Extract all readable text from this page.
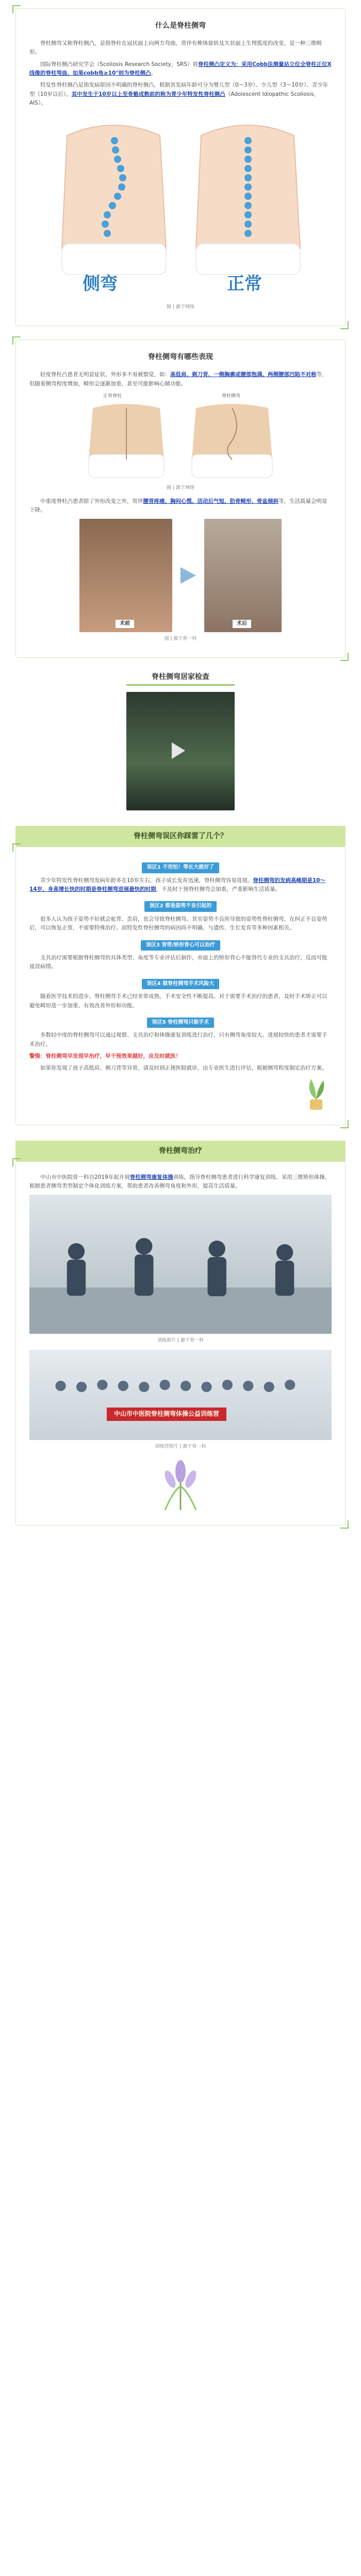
什么是脊柱侧弯

脊柱侧弯又称脊柱侧凸，是指脊柱在冠状面上向两方弯曲，常伴有椎体旋转及矢状面上生理弧度的改变，是一种三维畸形。

国际脊柱侧凸研究学会（Scoliosis Research Society，SRS）将脊柱侧凸定义为：采用Cobb法测量站立位全脊柱正位X线像的脊柱弯曲，如果cobb角≥10°则为脊柱侧凸。

特发性脊柱侧凸是指发病原因不明确的脊柱侧凸，根据其发病年龄可分为婴儿型（0～3岁）、少儿型（3～10岁）、青少年型（10岁以后）。其中发生于10岁以上至骨骼成熟前的称为青少年特发性脊柱侧凸（Adolescent Idiopathic Scoliosis，AIS）。

侧弯	正常
图 | 源于网络
脊柱侧弯有哪些表现

轻度脊柱凸患者无明显症状，外形多不易被察觉，如：高低肩、剃刀背、一侧胸廓或腰部饱满、两侧腰部凹陷不对称等，但随着侧弯程度增加，畸形会逐渐加重，甚至可能影响心肺功能。

正常脊柱	脊柱侧弯
图 | 源于网络

中重度脊柱凸患者除了外形改变之外，常伴腰背疼痛、胸闷心慌、活动后气短、肋骨畸形、骨盆倾斜等，生活质量会明显下降。

术前	术后
图 | 源于骨一科
脊柱侧弯居家检查
脊柱侧弯误区你踩雷了几个？
误区1 不用怕！等长大就好了

青少年特发性脊柱侧弯发病年龄多在10岁左右，孩子成长发育迅速，脊柱侧弯容易进展。脊柱侧弯的发病高峰期是10～14岁，身高增长快的时期是脊柱侧弯进展最快的时期，不及时干预脊柱侧弯会加重，严重影响生活质量。

误区2 都是姿势不良引起的

很多人认为孩子姿势不好就会驼背、歪肩，也会导致脊柱侧弯。其实姿势不良所导致的姿势性脊柱侧弯，在纠正不良姿势后，可以恢复正常，不需要特殊治疗。而特发性脊柱侧弯的病因尚不明确，与遗传、生长发育等多种因素相关。

误区3 背带/矫形背心可以治疗

支具治疗需要根据脊柱侧弯的具体类型、角度等专业评估后制作，市面上的矫形背心不能替代专业的支具治疗，反而可能延误病情。

误区4 做脊柱侧弯手术风险大

随着医学技术的进步，脊柱侧弯手术已经非常成熟，手术安全性不断提高。对于需要手术治疗的患者，及时手术矫正可以避免畸形进一步加重，有效改善外形和功能。

误区5 脊柱侧弯只能手术

多数轻中度的脊柱侧弯可以通过观察、支具治疗和体操康复训练进行治疗，只有侧弯角度较大、进展较快的患者才需要手术治疗。

警惕：脊柱侧弯早发现早治疗，早干预效果越好，应及时就医！

如果你发现了孩子高低肩、剃刀背等异常，请及时到正规医院就诊，由专业医生进行评估，根据侧弯程度制定治疗方案。

脊柱侧弯治疗

中山市中医院骨一科自2019年起开展脊柱侧弯康复体操训练，指导脊柱侧弯患者进行科学康复训练，采用三维矫形体操，根据患者侧弯类型制定个体化训练方案，帮助患者改善侧弯角度和外形，提高生活质量。

训练照片 | 源于骨一科
中山市中医院脊柱侧弯体操公益训练营
训练营照片 | 源于骨一科
